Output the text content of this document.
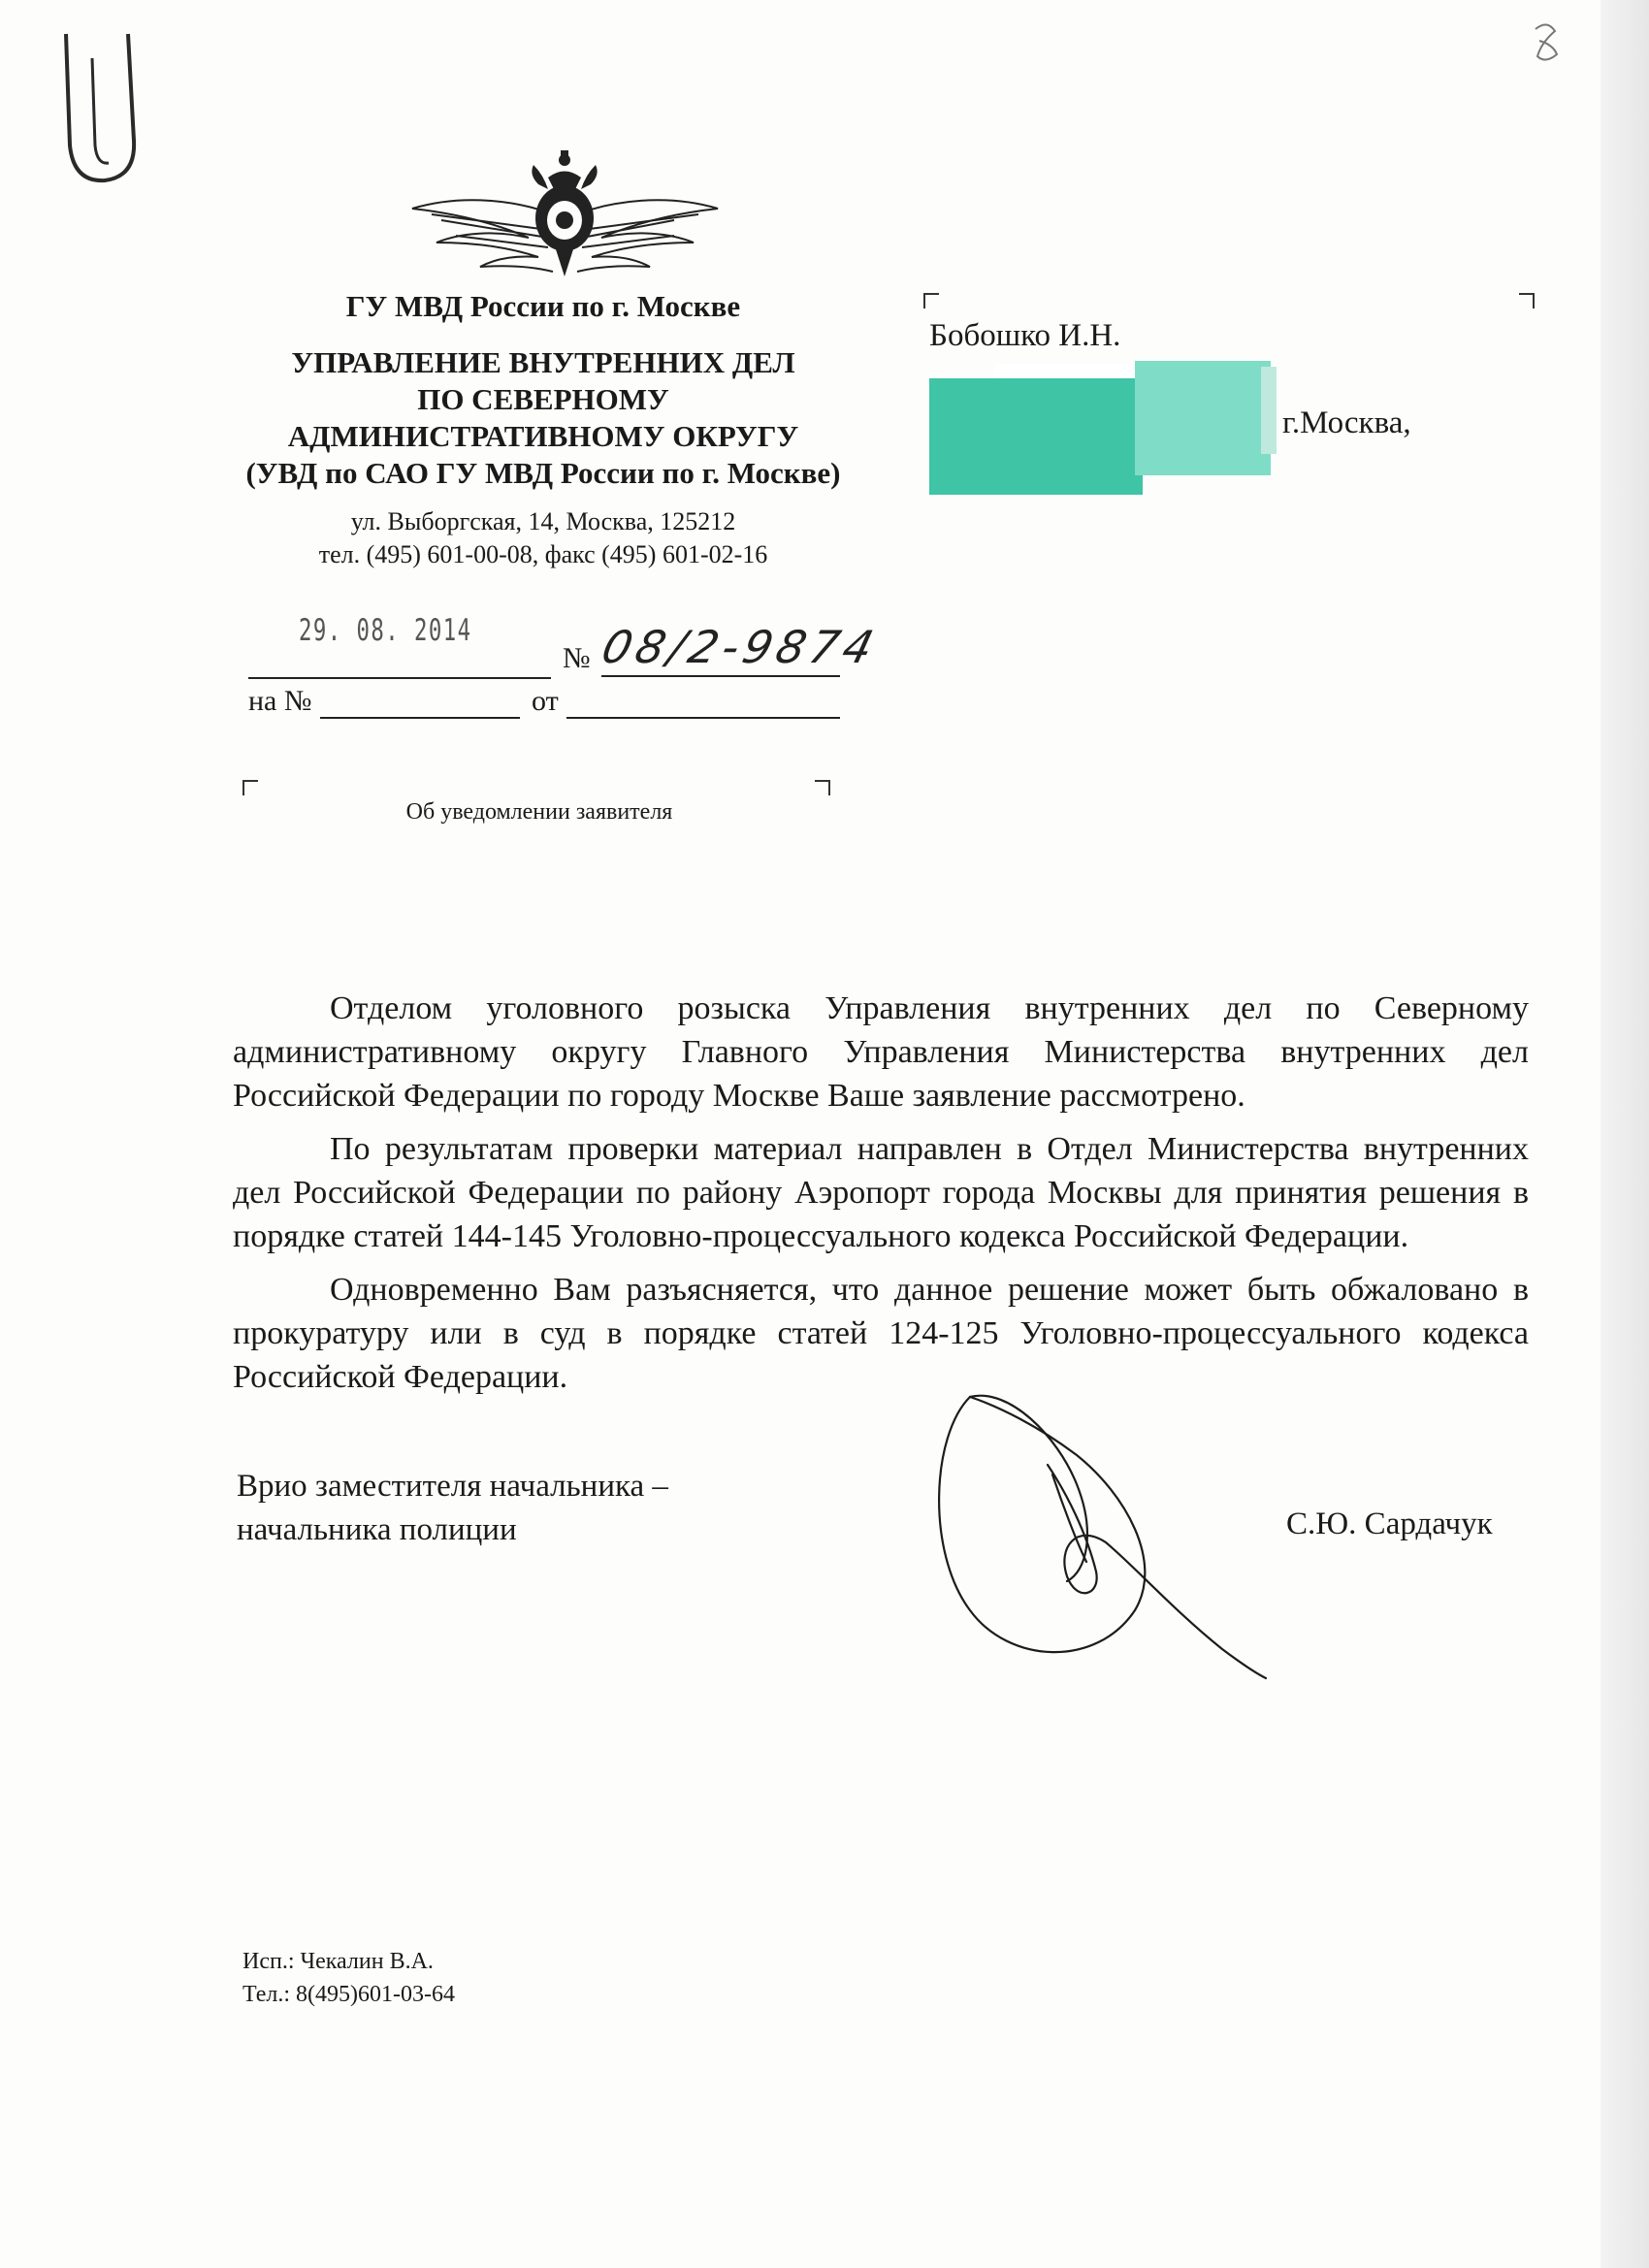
ГУ МВД России по г. Москве
УПРАВЛЕНИЕ ВНУТРЕННИХ ДЕЛ
ПО СЕВЕРНОМУ
АДМИНИСТРАТИВНОМУ ОКРУГУ
(УВД по САО ГУ МВД России по г. Москве)
ул. Выборгская, 14, Москва, 125212
тел. (495) 601-00-08, факс (495) 601-02-16
29. 08. 2014
№ 08/2-9874
на №	от
Об уведомлении заявителя
Бобошко И.Н.
г.Москва,

Отделом уголовного розыска Управления внутренних дел по Северному административному округу Главного Управления Министерства внутренних дел Российской Федерации по городу Москве Ваше заявление рассмотрено.

По результатам проверки материал направлен в Отдел Министерства внутренних дел Российской Федерации по району Аэропорт города Москвы для принятия решения в порядке статей 144-145 Уголовно-процессуального кодекса Российской Федерации.

Одновременно Вам разъясняется, что данное решение может быть обжаловано в прокуратуру или в суд в порядке статей 124-125 Уголовно-процессуального кодекса Российской Федерации.

Врио заместителя начальника –
начальника полиции	С.Ю. Сардачук
Исп.: Чекалин В.А.
Тел.: 8(495)601-03-64
